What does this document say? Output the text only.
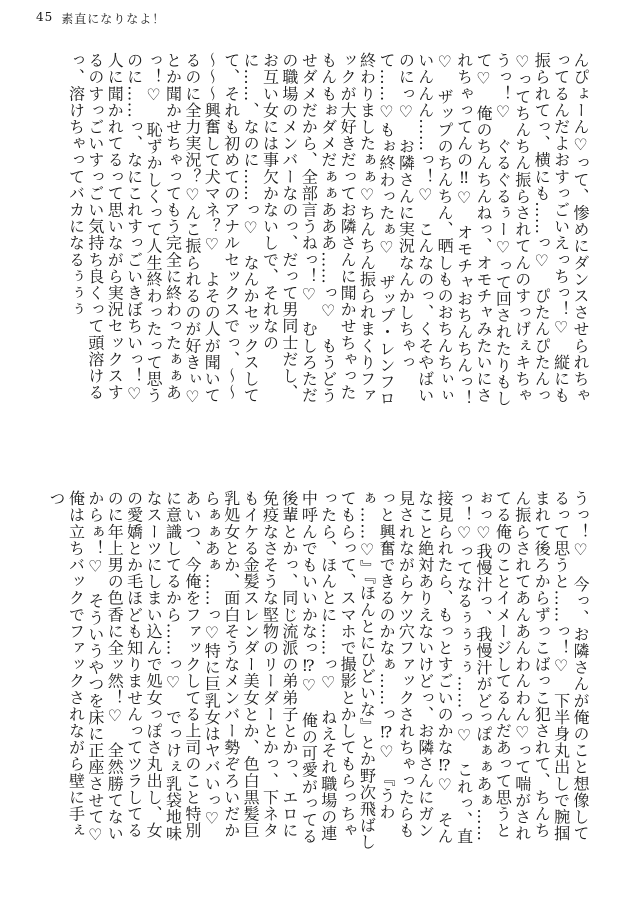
45 素直になりなよ！

んぴょーん♡って、惨めにダンスさせられちゃってるんだよおすっごいえっちっ！♡　縦にも振られてっ、横にも……っ♡　ぴたんぴたんっ♡ってちんちん振らされてんのすっげぇキちゃうっ！♡　ぐるぐるぅー♡って回されたりもして♡　俺のちんちんねっ、オモチャみたいにされちゃってんの‼♡　オモチャおちんちんっ！♡　ザップのちんちん、晒しものおちんちぃぃいんんん……っ！♡　こんなのっ、くそやばいのにっ♡　お隣さんに実況なんかしちゃって……♡もぉ終わったぁ♡　ザップ・レンフロ終わりましたぁぁ♡ちんちん振られまくりファックが大好きだってお隣さんに聞かせちゃったもんもぉダメだぁぁあああ……っ♡　もうどうせダメだから、全部言うねっ！♡　むしろただの職場のメンバーなのっ、だって男同士だし、お互い女には事欠かないしで、それなのに……、なのに……っ♡　なんかセックスしてて、それも初めてのアナルセックスでっ、～～～～～興奮して犬マネ？♡　よその人が聞いてるのに全力実況？♡んこ振られるのが好きぃ♡とか聞かせちゃってもう完全に終わったぁぁあっ！♡　恥ずかしくって人生終わったって思うのに……っ、なにこれすっごいきぼちいっ！♡　人に聞かれてるって思いながら実況セックスするのすっごいすっごい気持ち良くって頭溶けるっ、溶けちゃってバカになるぅぅぅ

うっ！♡　今っ、お隣さんが俺のこと想像してるって思うと……っ！♡　下半身丸出しで腕掴まれて後ろからずっこばっこ犯されて、ちんちん振らされてあんあんわんわん♡って喘がされてる俺のことイメージしてるんだあって思うとぉっ♡我慢汁っ、我慢汁がどっぽぁぁあぁ……っ！♡ってなるぅぅぅぅ……っ♡　これっ、直接見られたら、もっとすごいのかな⁉♡　そんなこと絶対ありえないけどっ、お隣さんにガン見されながらケツ穴ファックされちゃったらもっと興奮できるのかなぁ……っ⁉♡　『うわぁ……♡』『ほんとにひどいな』とか野次飛ばしてもらって、スマホで撮影とかしてもらっちゃったら、ほんとに……っ♡　ねえそれ職場の連中呼んでもいいかなっ⁉♡　俺の可愛がってる後輩とかっ、同じ流派の弟弟子とかっ、エロに免疫なさそうな堅物のリーダーとかっ、下ネタもイケる金髪スレンダー美女とか、色白黒髪巨乳処女とか、面白そうなメンバー勢ぞろいだからぁぁあぁ……っ♡特に巨乳女はヤバいっ♡　あいつ、今俺をファックしてる上司のこと特別に意識してるから……っ♡　でっけぇ乳袋地味なスーツにしまい込んで処女っぽさ丸出し、女の愛嬌とか毛ほども知りませんってツラしてるのに年上男の色香に全ッ然！♡　全然勝てないからぁ！♡　そういうやつを床に正座させて♡　俺は立ちバックでファックされながら壁に手ぇつ
